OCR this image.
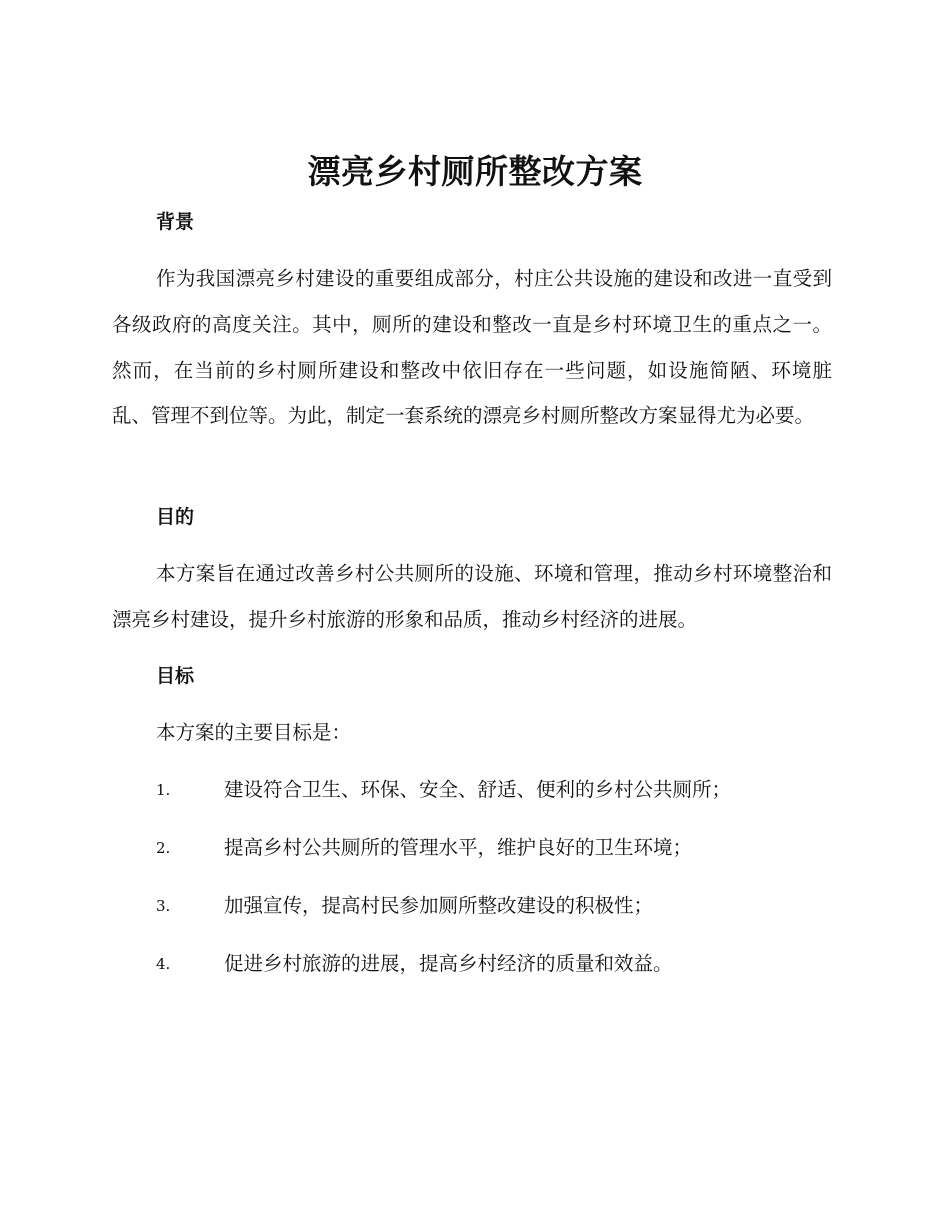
漂亮乡村厕所整改方案
背景

作为我国漂亮乡村建设的重要组成部分，村庄公共设施的建设和改进一直受到各级政府的高度关注。其中，厕所的建设和整改一直是乡村环境卫生的重点之一。然而，在当前的乡村厕所建设和整改中依旧存在一些问题，如设施简陋、环境脏乱、管理不到位等。为此，制定一套系统的漂亮乡村厕所整改方案显得尤为必要。

目的

本方案旨在通过改善乡村公共厕所的设施、环境和管理，推动乡村环境整治和漂亮乡村建设，提升乡村旅游的形象和品质，推动乡村经济的进展。

目标

本方案的主要目标是：

1.	建设符合卫生、环保、安全、舒适、便利的乡村公共厕所；
2.	提高乡村公共厕所的管理水平，维护良好的卫生环境；
3.	加强宣传，提高村民参加厕所整改建设的积极性；
4.	促进乡村旅游的进展，提高乡村经济的质量和效益。
